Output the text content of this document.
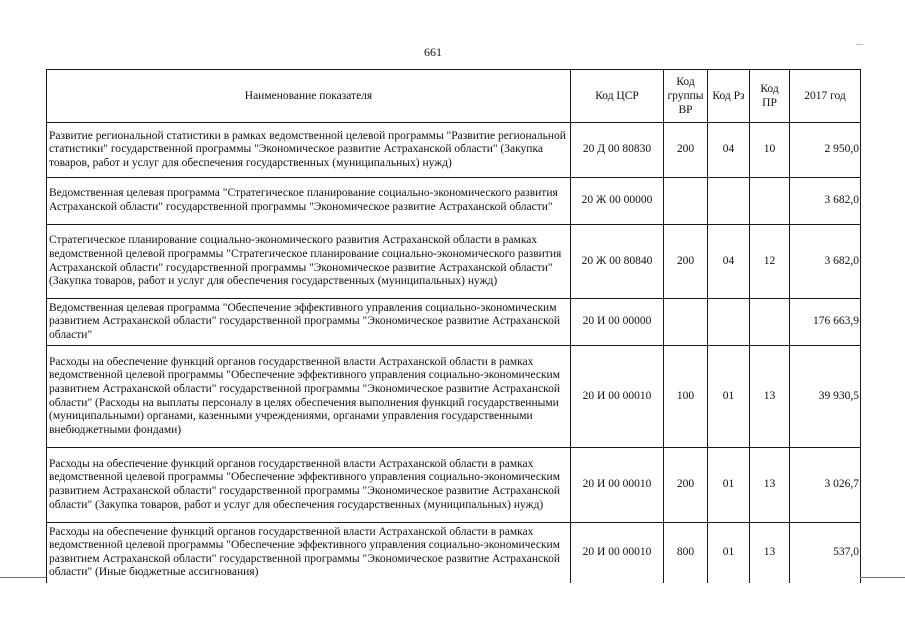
661
Наименование показателя	Код ЦСР	Код группы ВР	Код Рз	Код ПР	2017 год
Развитие региональной статистики в рамках ведомственной целевой программы "Развитие региональной статистики" государственной программы "Экономическое развитие Астраханской области" (Закупка товаров, работ и услуг для обеспечения государственных (муниципальных) нужд)	20 Д 00 80830	200	04	10	2 950,0
Ведомственная целевая программа "Стратегическое планирование социально-экономического развития Астраханской области" государственной программы "Экономическое развитие Астраханской области"	20 Ж 00 00000				3 682,0
Стратегическое планирование социально-экономического развития Астраханской области в рамках ведомственной целевой программы "Стратегическое планирование социально-экономического развития Астраханской области" государственной программы "Экономическое развитие Астраханской области" (Закупка товаров, работ и услуг для обеспечения государственных (муниципальных) нужд)	20 Ж 00 80840	200	04	12	3 682,0
Ведомственная целевая программа "Обеспечение эффективного управления социально-экономическим развитием Астраханской области" государственной программы "Экономическое развитие Астраханской области"	20 И 00 00000				176 663,9
Расходы на обеспечение функций органов государственной власти Астраханской области в рамках ведомственной целевой программы "Обеспечение эффективного управления социально-экономическим развитием Астраханской области" государственной программы "Экономическое развитие Астраханской области" (Расходы на выплаты персоналу в целях обеспечения выполнения функций государственными (муниципальными) органами, казенными учреждениями, органами управления государственными внебюджетными фондами)	20 И 00 00010	100	01	13	39 930,5
Расходы на обеспечение функций органов государственной власти Астраханской области в рамках ведомственной целевой программы "Обеспечение эффективного управления социально-экономическим развитием Астраханской области" государственной программы "Экономическое развитие Астраханской области" (Закупка товаров, работ и услуг для обеспечения государственных (муниципальных) нужд)	20 И 00 00010	200	01	13	3 026,7
Расходы на обеспечение функций органов государственной власти Астраханской области в рамках ведомственной целевой программы "Обеспечение эффективного управления социально-экономическим развитием Астраханской области" государственной программы "Экономическое развитие Астраханской области" (Иные бюджетные ассигнования)	20 И 00 00010	800	01	13	537,0
